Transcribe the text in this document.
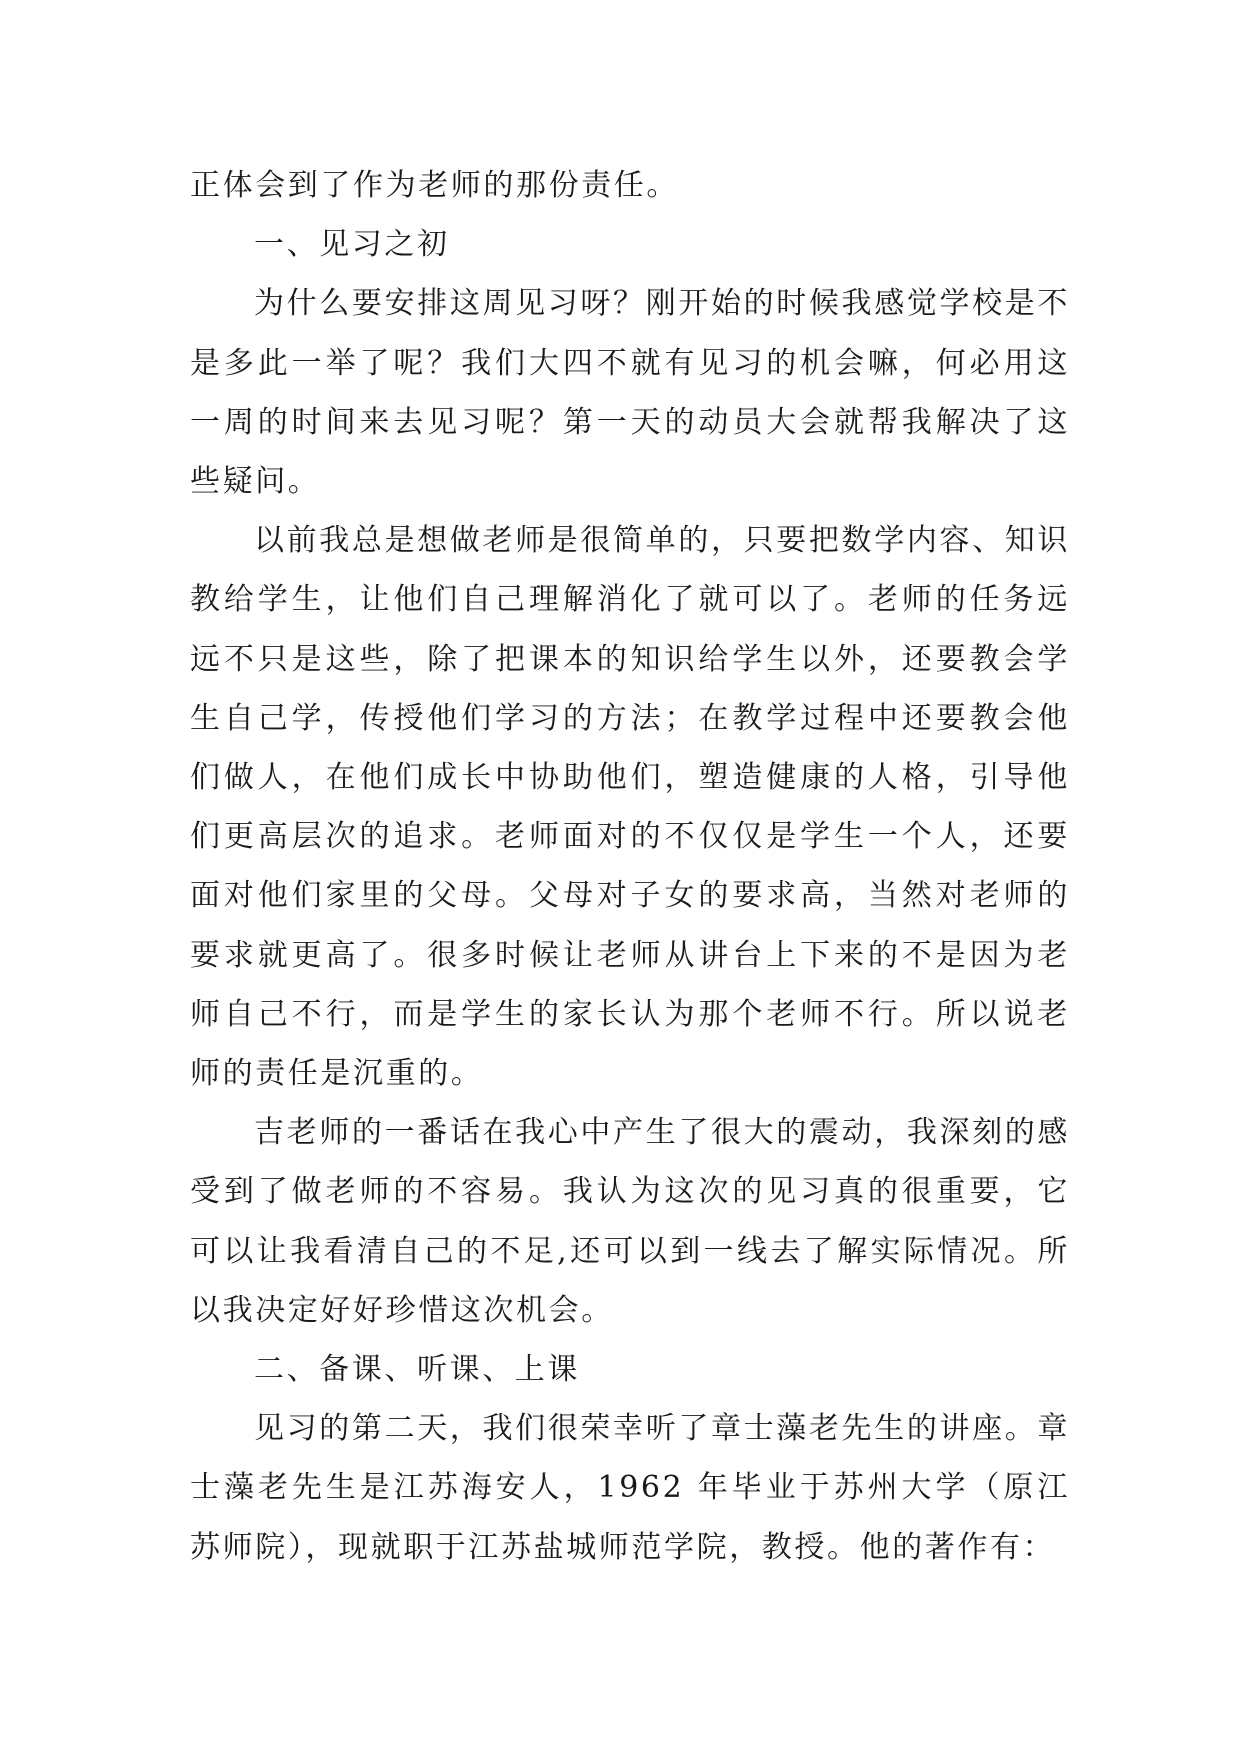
正体会到了作为老师的那份责任。

一、见习之初

为什么要安排这周见习呀？刚开始的时候我感觉学校是不是多此一举了呢？我们大四不就有见习的机会嘛，何必用这一周的时间来去见习呢？第一天的动员大会就帮我解决了这些疑问。

以前我总是想做老师是很简单的，只要把数学内容、知识教给学生，让他们自己理解消化了就可以了。老师的任务远远不只是这些，除了把课本的知识给学生以外，还要教会学生自己学，传授他们学习的方法；在教学过程中还要教会他们做人，在他们成长中协助他们，塑造健康的人格，引导他们更高层次的追求。老师面对的不仅仅是学生一个人，还要面对他们家里的父母。父母对子女的要求高，当然对老师的要求就更高了。很多时候让老师从讲台上下来的不是因为老师自己不行，而是学生的家长认为那个老师不行。所以说老师的责任是沉重的。

吉老师的一番话在我心中产生了很大的震动，我深刻的感受到了做老师的不容易。我认为这次的见习真的很重要，它可以让我看清自己的不足,还可以到一线去了解实际情况。所以我决定好好珍惜这次机会。

二、备课、听课、上课

见习的第二天，我们很荣幸听了章士藻老先生的讲座。章士藻老先生是江苏海安人，1962 年毕业于苏州大学（原江苏师院），现就职于江苏盐城师范学院，教授。他的著作有：
